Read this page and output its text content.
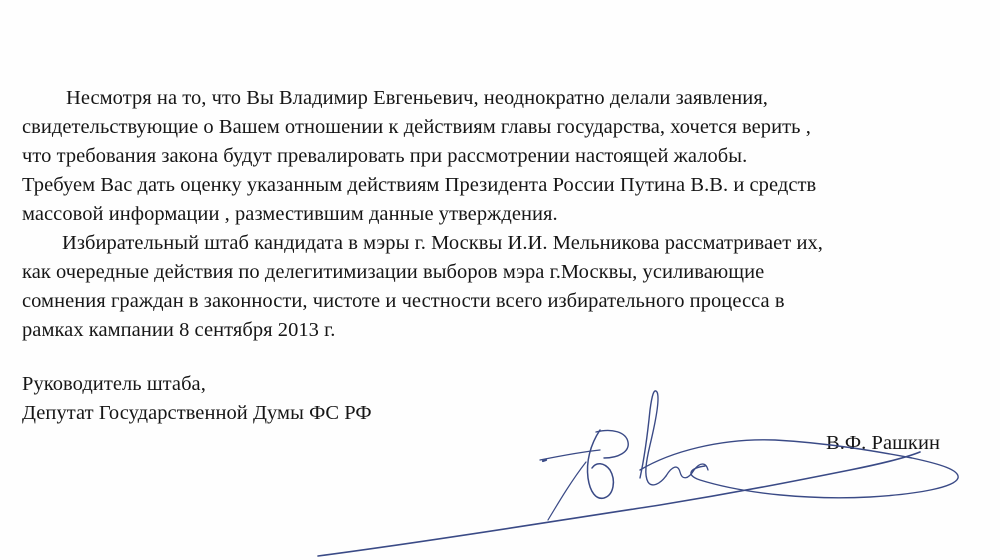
Несмотря на то, что Вы Владимир Евгеньевич, неоднократно делали заявления,
свидетельствующие о Вашем отношении к действиям главы государства, хочется верить ,
что требования закона будут превалировать при рассмотрении настоящей жалобы.
Требуем Вас дать оценку указанным действиям Президента России Путина В.В. и средств
массовой информации , разместившим данные утверждения.
Избирательный штаб кандидата в мэры г. Москвы И.И. Мельникова рассматривает их,
как очередные действия по делегитимизации выборов мэра г.Москвы, усиливающие
сомнения граждан в законности, чистоте и честности всего избирательного процесса в
рамках кампании 8 сентября 2013 г.
Руководитель штаба,
Депутат Государственной Думы ФС РФ
В.Ф. Рашкин
